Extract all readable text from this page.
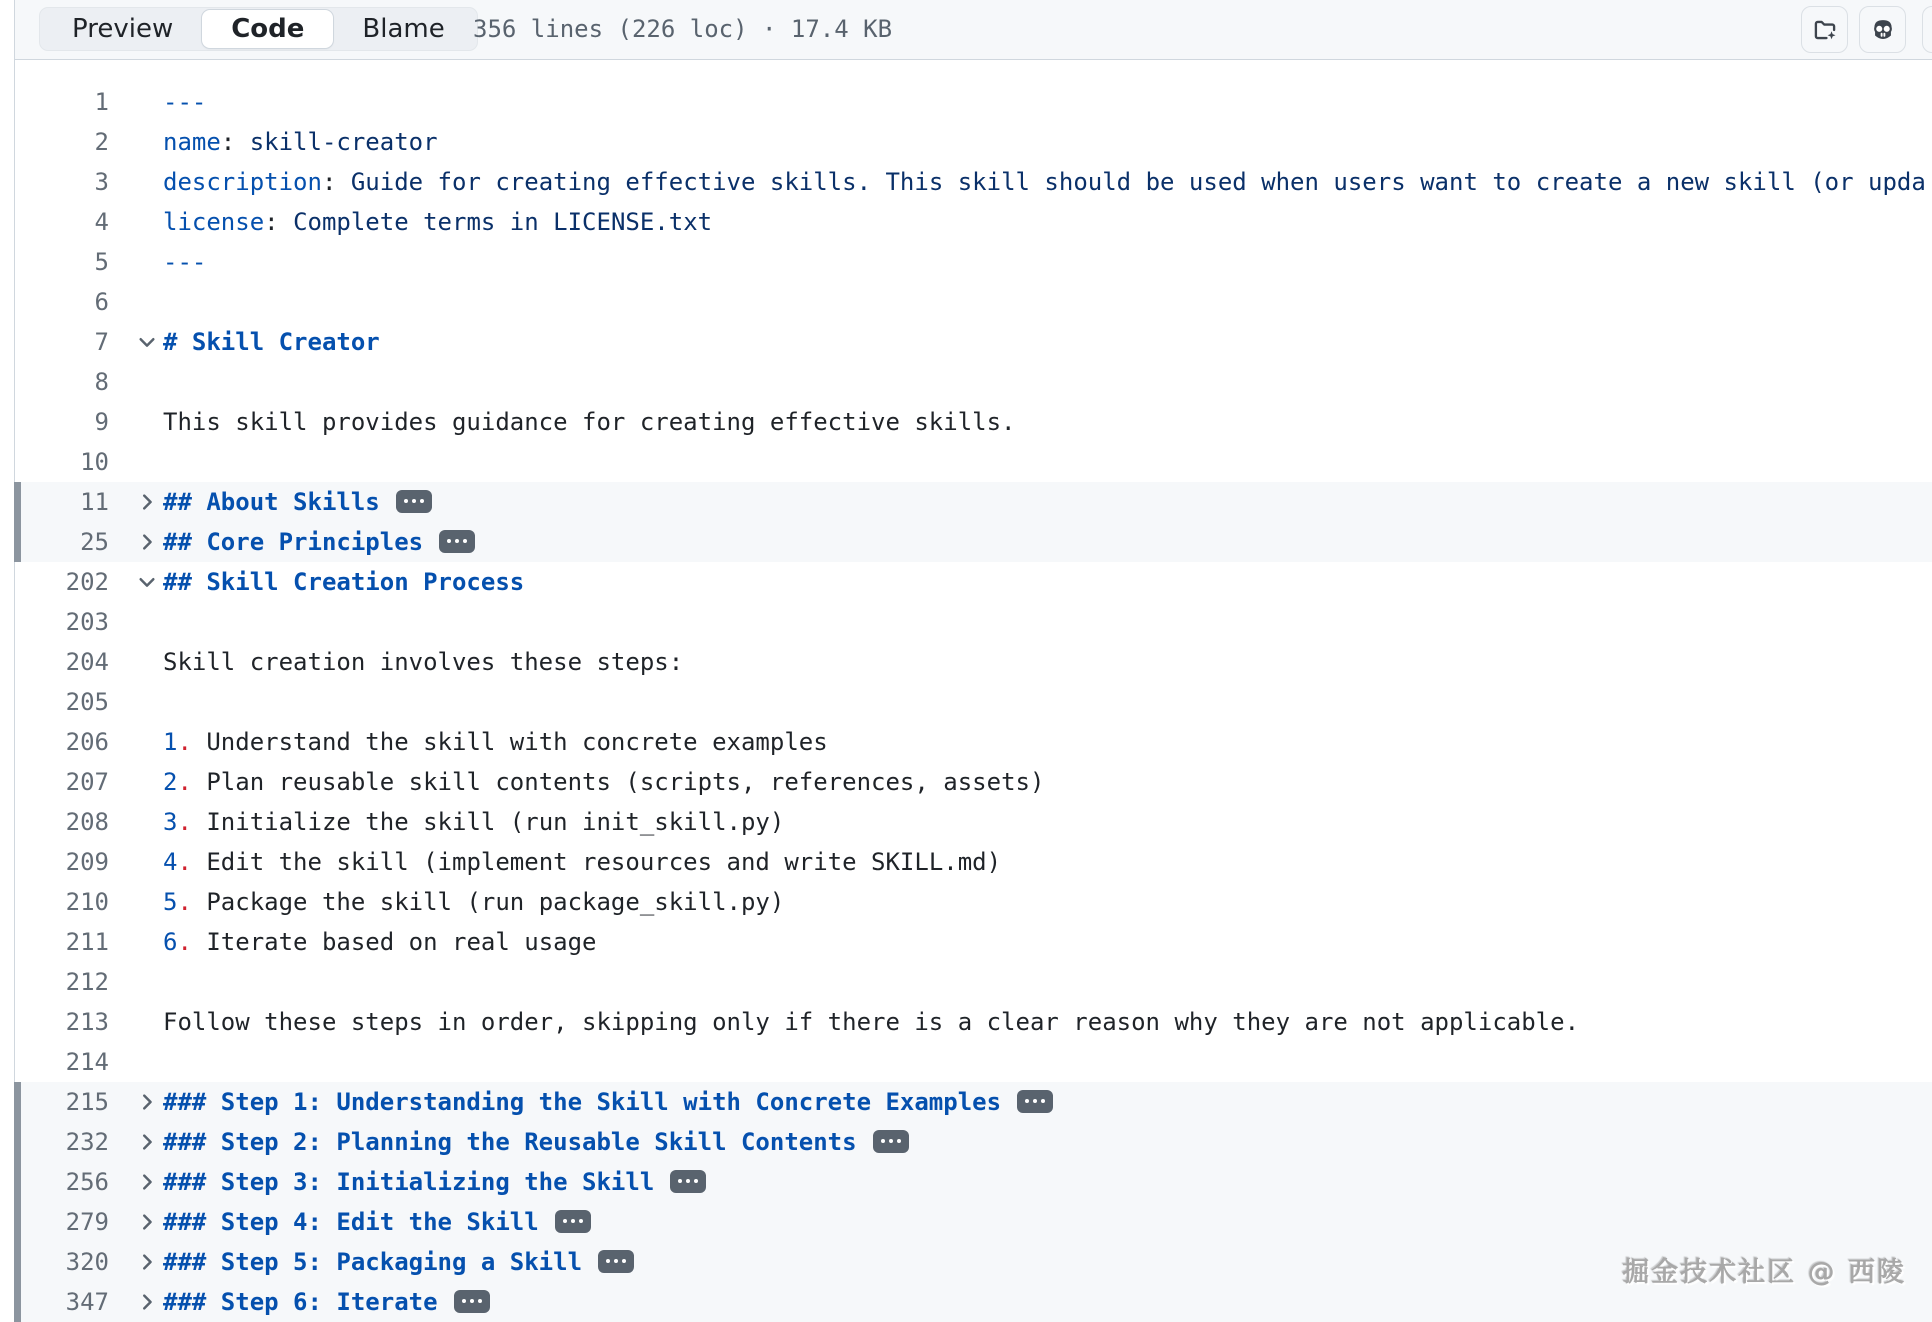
Preview	Code	Blame	356 lines (226 loc) · 17.4 KB
1 ---
2 name: skill-creator
3 description: Guide for creating effective skills. This skill should be used when users want to create a new skill (or upda
4 license: Complete terms in LICENSE.txt
5 ---
6
7 # Skill Creator
8
9 This skill provides guidance for creating effective skills.
10
11 ## About Skills
25 ## Core Principles
202 ## Skill Creation Process
203
204 Skill creation involves these steps:
205
206 1. Understand the skill with concrete examples
207 2. Plan reusable skill contents (scripts, references, assets)
208 3. Initialize the skill (run init_skill.py)
209 4. Edit the skill (implement resources and write SKILL.md)
210 5. Package the skill (run package_skill.py)
211 6. Iterate based on real usage
212
213 Follow these steps in order, skipping only if there is a clear reason why they are not applicable.
214
215 ### Step 1: Understanding the Skill with Concrete Examples
232 ### Step 2: Planning the Reusable Skill Contents
256 ### Step 3: Initializing the Skill
279 ### Step 4: Edit the Skill
320 ### Step 5: Packaging a Skill
347 ### Step 6: Iterate
掘金技术社区 @ 西陵
